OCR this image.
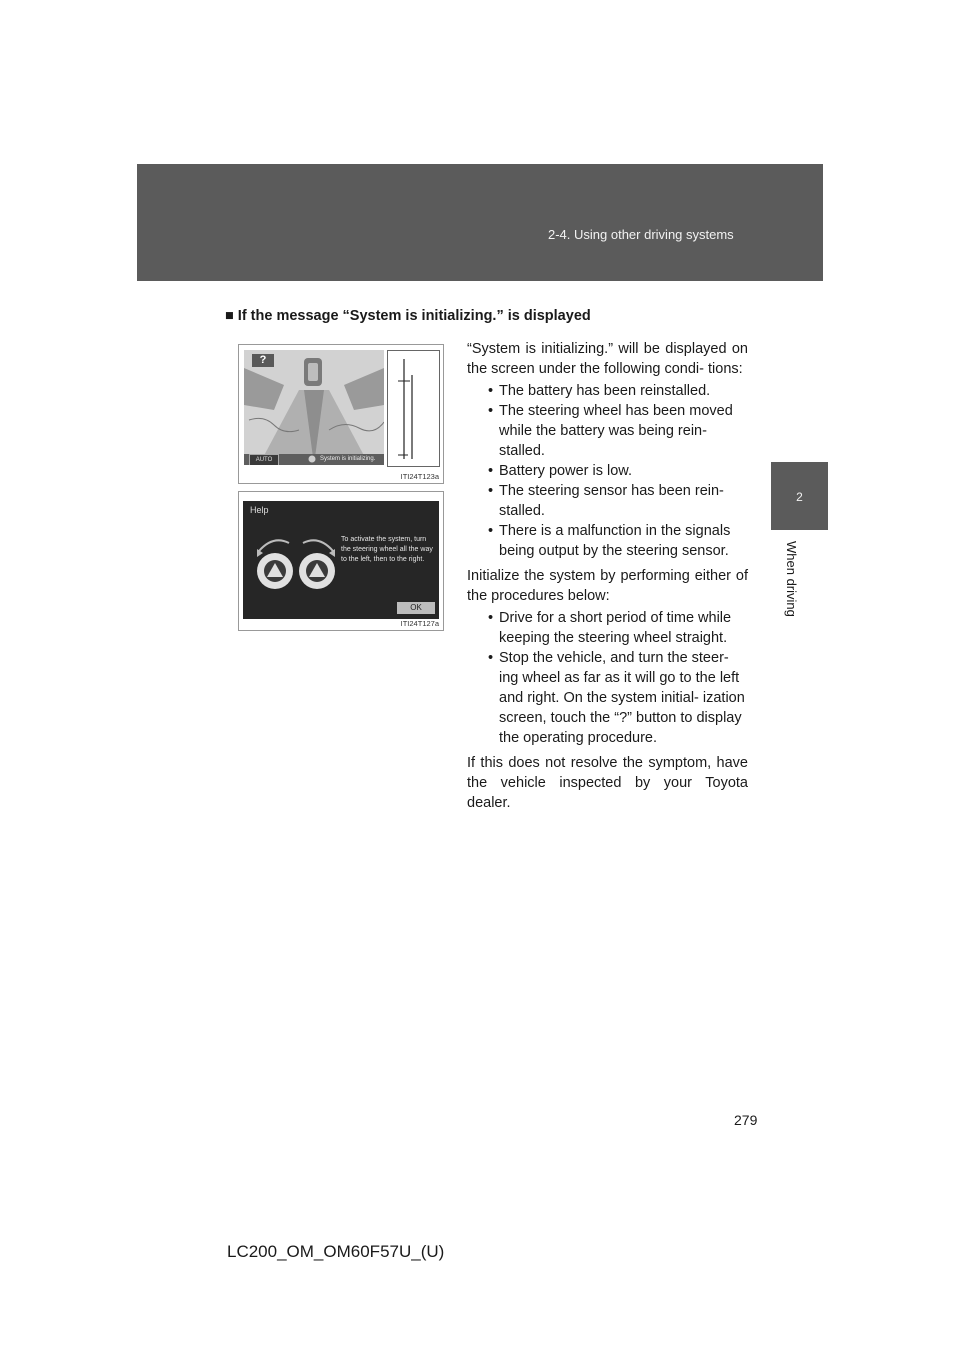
2-4. Using other driving systems
2
When driving
■ If the message “System is initializing.” is displayed
?
AUTO	System is initializing.
ITI24T123a
Help
To activate the system, turn the steering wheel all the way to the left, then to the right.
OK
ITI24T127a

“System is initializing.” will be displayed on the screen under the following condi- tions:

• The battery has been reinstalled.
• The steering wheel has been moved while the battery was being rein- stalled.
• Battery power is low.
• The steering sensor has been rein- stalled.
• There is a malfunction in the signals being output by the steering sensor.

Initialize the system by performing either of the procedures below:

• Drive for a short period of time while keeping the steering wheel straight.
• Stop the vehicle, and turn the steer- ing wheel as far as it will go to the left and right. On the system initial- ization screen, touch the “?” button to display the operating procedure.

If this does not resolve the symptom, have the vehicle inspected by your Toyota dealer.

279
LC200_OM_OM60F57U_(U)
